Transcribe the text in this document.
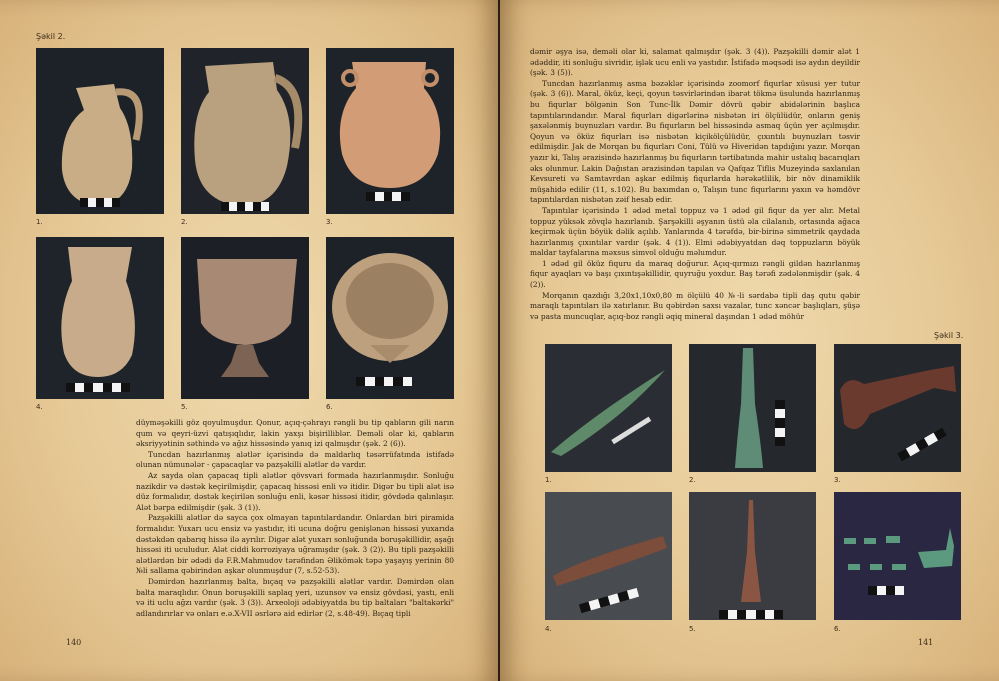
Şəkil 2.
1.	2.	3.
4.	5.	6.

düyməşəkilli göz qoyulmuşdur. Qonur, açıq-çəhrayı rəngli bu tip qabların gili narın qum və qeyri-üzvi qatışıqlıdır, lakin yaxşı bişirilliblər. Deməli olar ki, qabların əksriyyətinin səthində və ağız hissəsində yanıq izi qalmışdır (şək. 2 (6)).

Tuncdan hazırlanmış alətlər içərisində də maldarlıq təsərrüfatında istifadə olunan nümunələr - çapacaqlar və pazşəkilli alətlər də vardır.

Az sayda olan çapacaq tipli alətlər qövsvari formada hazırlanmışdır. Sonluğu nazikdir və dəstək keçirilmişdir, çapacaq hissəsi enli və itidir. Digər bu tipli alət isə düz formalıdır, dəstək keçirilən sonluğu enli, kəsər hissəsi itidir, gövdədə qalınlaşır. Alət bərpa edilmişdir (şək. 3 (1)).

Pazşəkilli alətlər də sayca çox olmayan tapıntılardandır. Onlardan biri piramida formalıdır. Yuxarı ucu ensiz və yastıdır, iti ucuna doğru genişlənən hissəsi yuxarıda dəstəkdən qabarıq hissə ilə ayrılır. Digər alət yuxarı sonluğunda boruşəkillidir, aşağı hissəsi iti uculudur. Alət ciddi korroziyaya uğramışdır (şək. 3 (2)). Bu tipli pazşəkilli alətlərdən bir ədədi də F.R.Mahmudov tərəfindən Əlikömək təpə yaşayış yerinin 80 №li sallama qəbirindən aşkar olunmuşdur (7, s.52-53).

Dəmirdən hazırlanmış balta, bıçaq və pazşəkilli alətlər vardır. Dəmirdən olan balta maraqlıdır. Onun boruşəkilli saplaq yeri, uzunsov və ensiz gövdəsi, yastı, enli və iti uclu ağzı vardır (şək. 3 (3)). Arxeoloji ədəbiyyatda bu tip baltaları "baltakərki" adlandırırlar və onları e.ə.X-VII əsrlərə aid edirlər (2, s.48-49). Bıçaq tipli

140

dəmir əşya isə, deməli olar ki, salamat qalmışdır (şək. 3 (4)). Pazşəkilli dəmir alət 1 ədəddir, iti sonluğu sivridir, işlək ucu enli və yastıdır. İstifadə məqsədi isə aydın deyildir (şək. 3 (5)).

Tuncdan hazırlanmış asma bəzəklər içərisində zoomorf fiqurlar xüsusi yer tutur (şək. 3 (6)). Maral, öküz, keçi, qoyun təsvirlərindən ibarət tökmə üsulunda hazırlanmış bu fiqurlar bölgənin Son Tunc-İlk Dəmir dövrü qəbir abidələrinin başlıca tapıntılarındandır. Maral fiqurları digərlərinə nisbətən iri ölçülüdür, onların geniş şaxələnmiş buynuzları vardır. Bu fiqurların bel hissəsində asmaq üçün yer açılmışdır. Qoyun və öküz fiqurları isə nisbətən kiçikölçülüdür, çıxıntılı buynuzları təsvir edilmişdir. Jak de Morqan bu fiqurları Coni, Tülü və Hiveridən tapdığını yazır. Morqan yazır ki, Talış ərazisində hazırlanmış bu fiqurların tərtibatında mahir ustalıq bacarıqları əks olunmur. Lakin Dağıstan ərazisindən tapılan və Qafqaz Tiflis Muzeyində saxlanılan Kevsureti və Samtavrdan aşkar edilmiş fiqurlarda hərəkətlilik, bir növ dinamiklik müşahidə edilir (11, s.102). Bu baxımdan o, Talışın tunc fiqurlarını yaxın və həmdövr tapıntılardan nisbətən zəif hesab edir.

Tapıntılar içərisində 1 ədəd metal toppuz və 1 ədəd gil fiqur da yer alır. Metal toppuz yüksək zövqlə hazırlanıb. Şarşəkilli əşyanın üstü əla cilalanıb, ortasında ağaca keçirmək üçün böyük dəlik açılıb. Yanlarında 4 tərəfdə, bir-birinə simmetrik qaydada hazırlanmış çıxıntılar vardır (şək. 4 (1)). Elmi ədəbiyyatdan dəq toppuzların böyük maldar tayfalarına məxsus simvol olduğu məlumdur.

1 ədəd gil öküz fiquru da maraq doğurur. Açıq-qırmızı rəngli gildən hazırlanmış fiqur ayaqları və başı çıxıntışəkillidir, quyruğu yoxdur. Baş tərəfi zədələnmişdir (şək. 4 (2)).

Morqanın qazdığı 3,20x1,10x0,80 m ölçülü 40 №-li sərdabə tipli daş qutu qəbir maraqlı tapıntıları ilə xatırlanır. Bu qəbirdən saxsı vazalar, tunc xəncər başlıqları, şüşə və pasta muncuqlar, açıq-boz rəngli əqiq mineral daşından 1 ədəd möhür

Şəkil 3.
1.	2.	3.
4.	5.	6.
141
